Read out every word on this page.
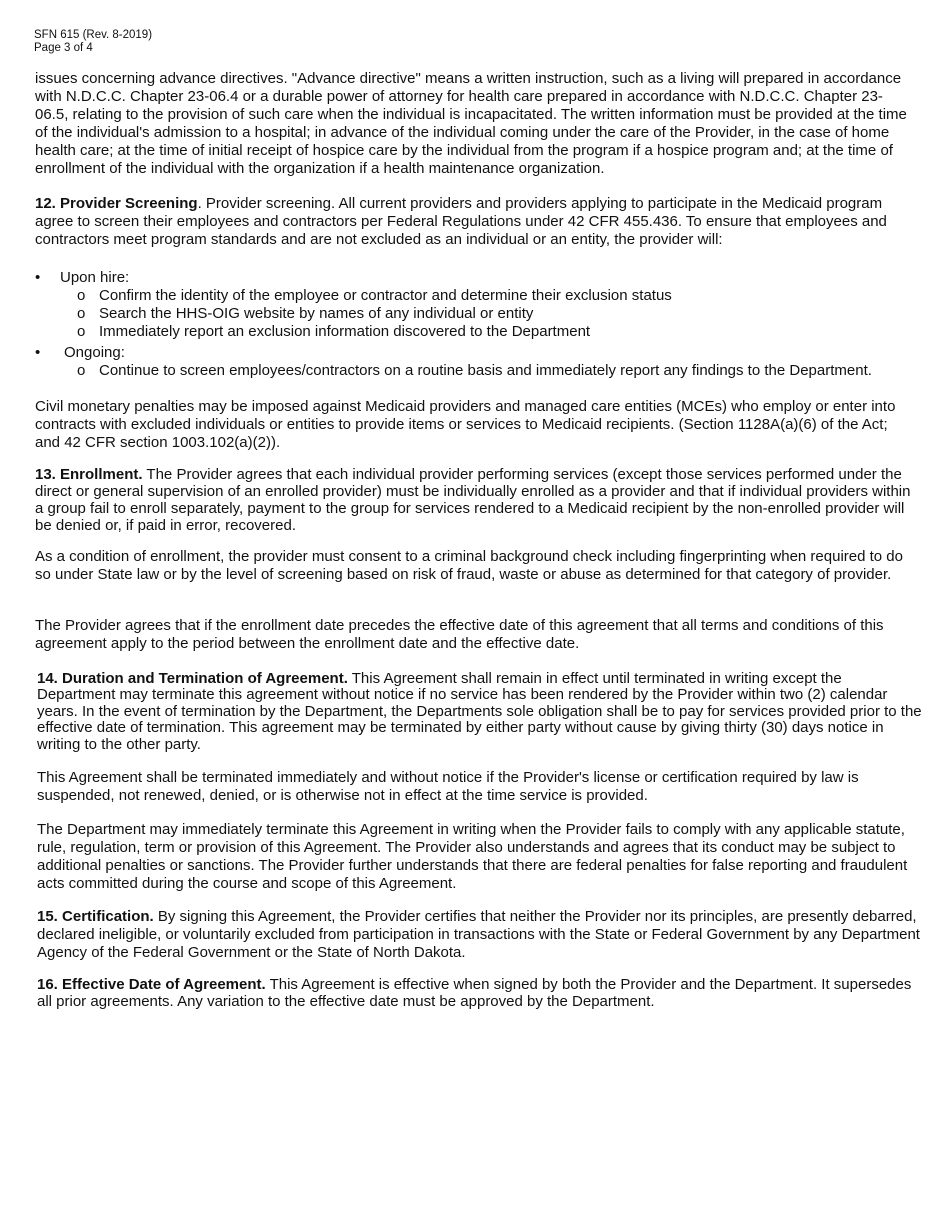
SFN 615 (Rev. 8-2019)
Page 3 of 4

issues concerning advance directives. "Advance directive" means a written instruction, such as a living will prepared in accordance with N.D.C.C. Chapter 23-06.4 or a durable power of attorney for health care prepared in accordance with N.D.C.C. Chapter 23-06.5, relating to the provision of such care when the individual is incapacitated. The written information must be provided at the time of the individual's admission to a hospital; in advance of the individual coming under the care of the Provider, in the case of home health care; at the time of initial receipt of hospice care by the individual from the program if a hospice program and; at the time of enrollment of the individual with the organization if a health maintenance organization.

12. Provider Screening. Provider screening. All current providers and providers applying to participate in the Medicaid program agree to screen their employees and contractors per Federal Regulations under 42 CFR 455.436. To ensure that employees and contractors meet program standards and are not excluded as an individual or an entity, the provider will:

•	Upon hire:
o Confirm the identity of the employee or contractor and determine their exclusion status
o Search the HHS-OIG website by names of any individual or entity
o Immediately report an exclusion information discovered to the Department
•	Ongoing:
o Continue to screen employees/contractors on a routine basis and immediately report any findings to the Department.

Civil monetary penalties may be imposed against Medicaid providers and managed care entities (MCEs) who employ or enter into contracts with excluded individuals or entities to provide items or services to Medicaid recipients. (Section 1128A(a)(6) of the Act; and 42 CFR section 1003.102(a)(2)).

13. Enrollment. The Provider agrees that each individual provider performing services (except those services performed under the direct or general supervision of an enrolled provider) must be individually enrolled as a provider and that if individual providers within a group fail to enroll separately, payment to the group for services rendered to a Medicaid recipient by the non-enrolled provider will be denied or, if paid in error, recovered.

As a condition of enrollment, the provider must consent to a criminal background check including fingerprinting when required to do so under State law or by the level of screening based on risk of fraud, waste or abuse as determined for that category of provider.

The Provider agrees that if the enrollment date precedes the effective date of this agreement that all terms and conditions of this agreement apply to the period between the enrollment date and the effective date.

14. Duration and Termination of Agreement. This Agreement shall remain in effect until terminated in writing except the Department may terminate this agreement without notice if no service has been rendered by the Provider within two (2) calendar years. In the event of termination by the Department, the Departments sole obligation shall be to pay for services provided prior to the effective date of termination. This agreement may be terminated by either party without cause by giving thirty (30) days notice in writing to the other party.

This Agreement shall be terminated immediately and without notice if the Provider's license or certification required by law is suspended, not renewed, denied, or is otherwise not in effect at the time service is provided.

The Department may immediately terminate this Agreement in writing when the Provider fails to comply with any applicable statute, rule, regulation, term or provision of this Agreement. The Provider also understands and agrees that its conduct may be subject to additional penalties or sanctions. The Provider further understands that there are federal penalties for false reporting and fraudulent acts committed during the course and scope of this Agreement.

15. Certification. By signing this Agreement, the Provider certifies that neither the Provider nor its principles, are presently debarred, declared ineligible, or voluntarily excluded from participation in transactions with the State or Federal Government by any Department Agency of the Federal Government or the State of North Dakota.

16. Effective Date of Agreement. This Agreement is effective when signed by both the Provider and the Department. It supersedes all prior agreements. Any variation to the effective date must be approved by the Department.
